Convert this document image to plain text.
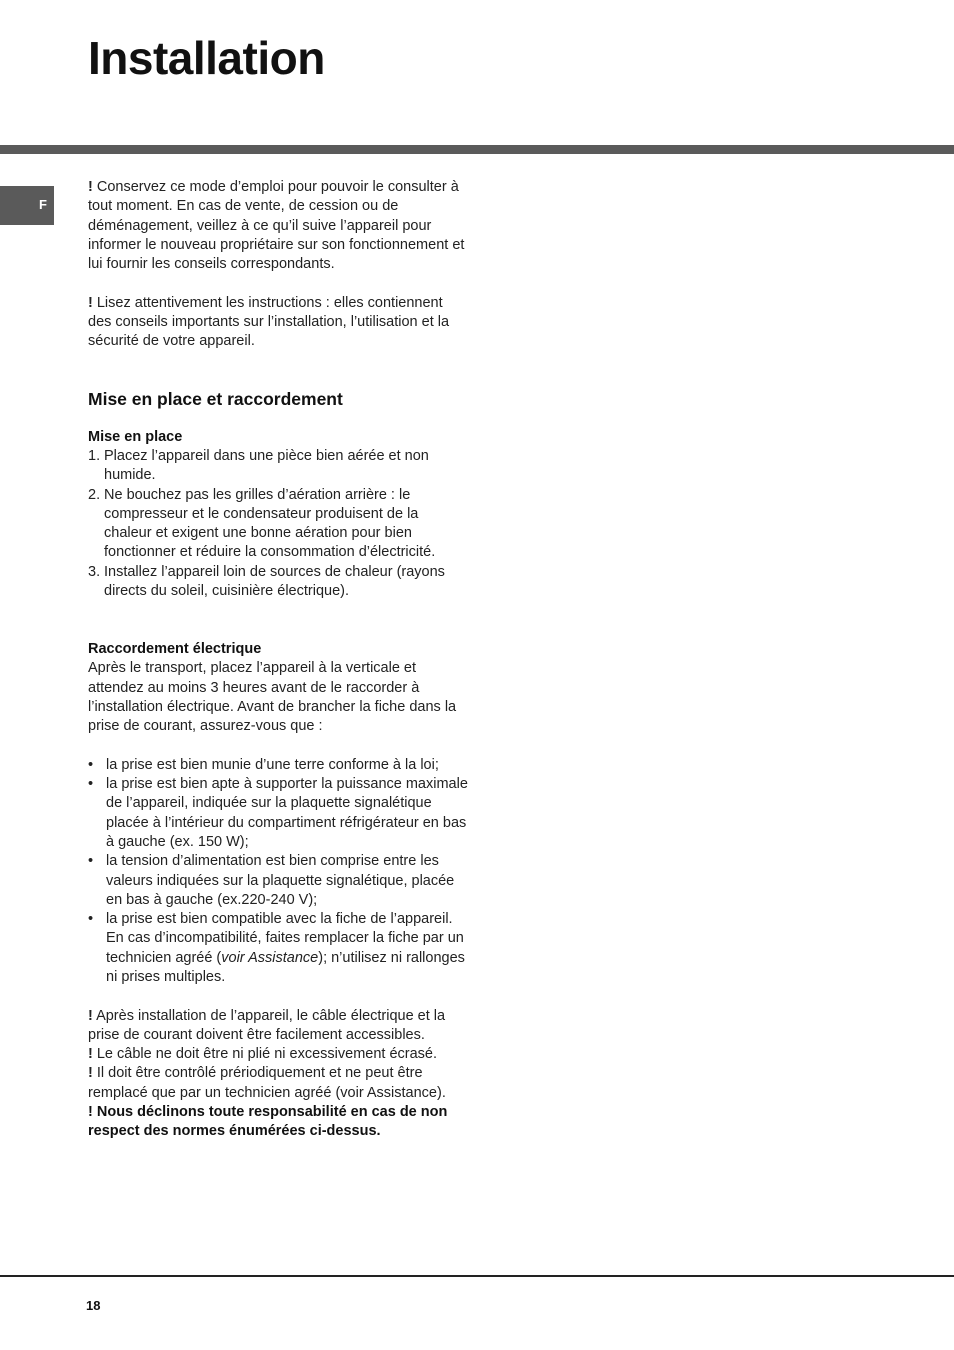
Installation
F

! Conservez ce mode d’emploi pour pouvoir le consulter à tout moment. En cas de vente, de cession ou de déménagement, veillez à ce qu’il suive l’appareil pour informer le nouveau propriétaire sur son fonctionnement et lui fournir les conseils correspondants.

! Lisez attentivement les instructions : elles contiennent des conseils importants sur l’installation, l’utilisation et la sécurité de votre appareil.

Mise en place et raccordement

Mise en place

1. Placez l’appareil dans une pièce bien aérée et non humide.
2. Ne bouchez pas les grilles d’aération arrière : le compresseur et le condensateur produisent de la chaleur et exigent une bonne aération pour bien fonctionner et réduire la consommation d’électricité.
3. Installez l’appareil loin de sources de chaleur (rayons directs du soleil, cuisinière électrique).

Raccordement électrique

Après le transport, placez l’appareil à la verticale et attendez au moins 3 heures avant de le raccorder à l’installation électrique. Avant de brancher la fiche dans la prise de courant, assurez-vous que :

• la prise est bien munie d’une terre conforme à la loi;
• la prise est bien apte à supporter la puissance maximale de l’appareil, indiquée sur la plaquette signalétique placée à l’intérieur du compartiment réfrigérateur en bas à gauche (ex. 150 W);
• la tension d’alimentation est bien comprise entre les valeurs indiquées sur la plaquette signalétique, placée en bas à gauche (ex.220-240 V);
• la prise est bien compatible avec la fiche de l’appareil.
En cas d’incompatibilité, faites remplacer la fiche par un technicien agréé (voir Assistance); n’utilisez ni rallonges ni prises multiples.

! Après installation de l’appareil, le câble électrique et la prise de courant doivent être facilement accessibles.

! Le câble ne doit être ni plié ni excessivement écrasé.

! Il doit être contrôlé prériodiquement et ne peut être remplacé que par un technicien agréé (voir Assistance).

! Nous déclinons toute responsabilité en cas de non respect des normes énumérées ci-dessus.

18
